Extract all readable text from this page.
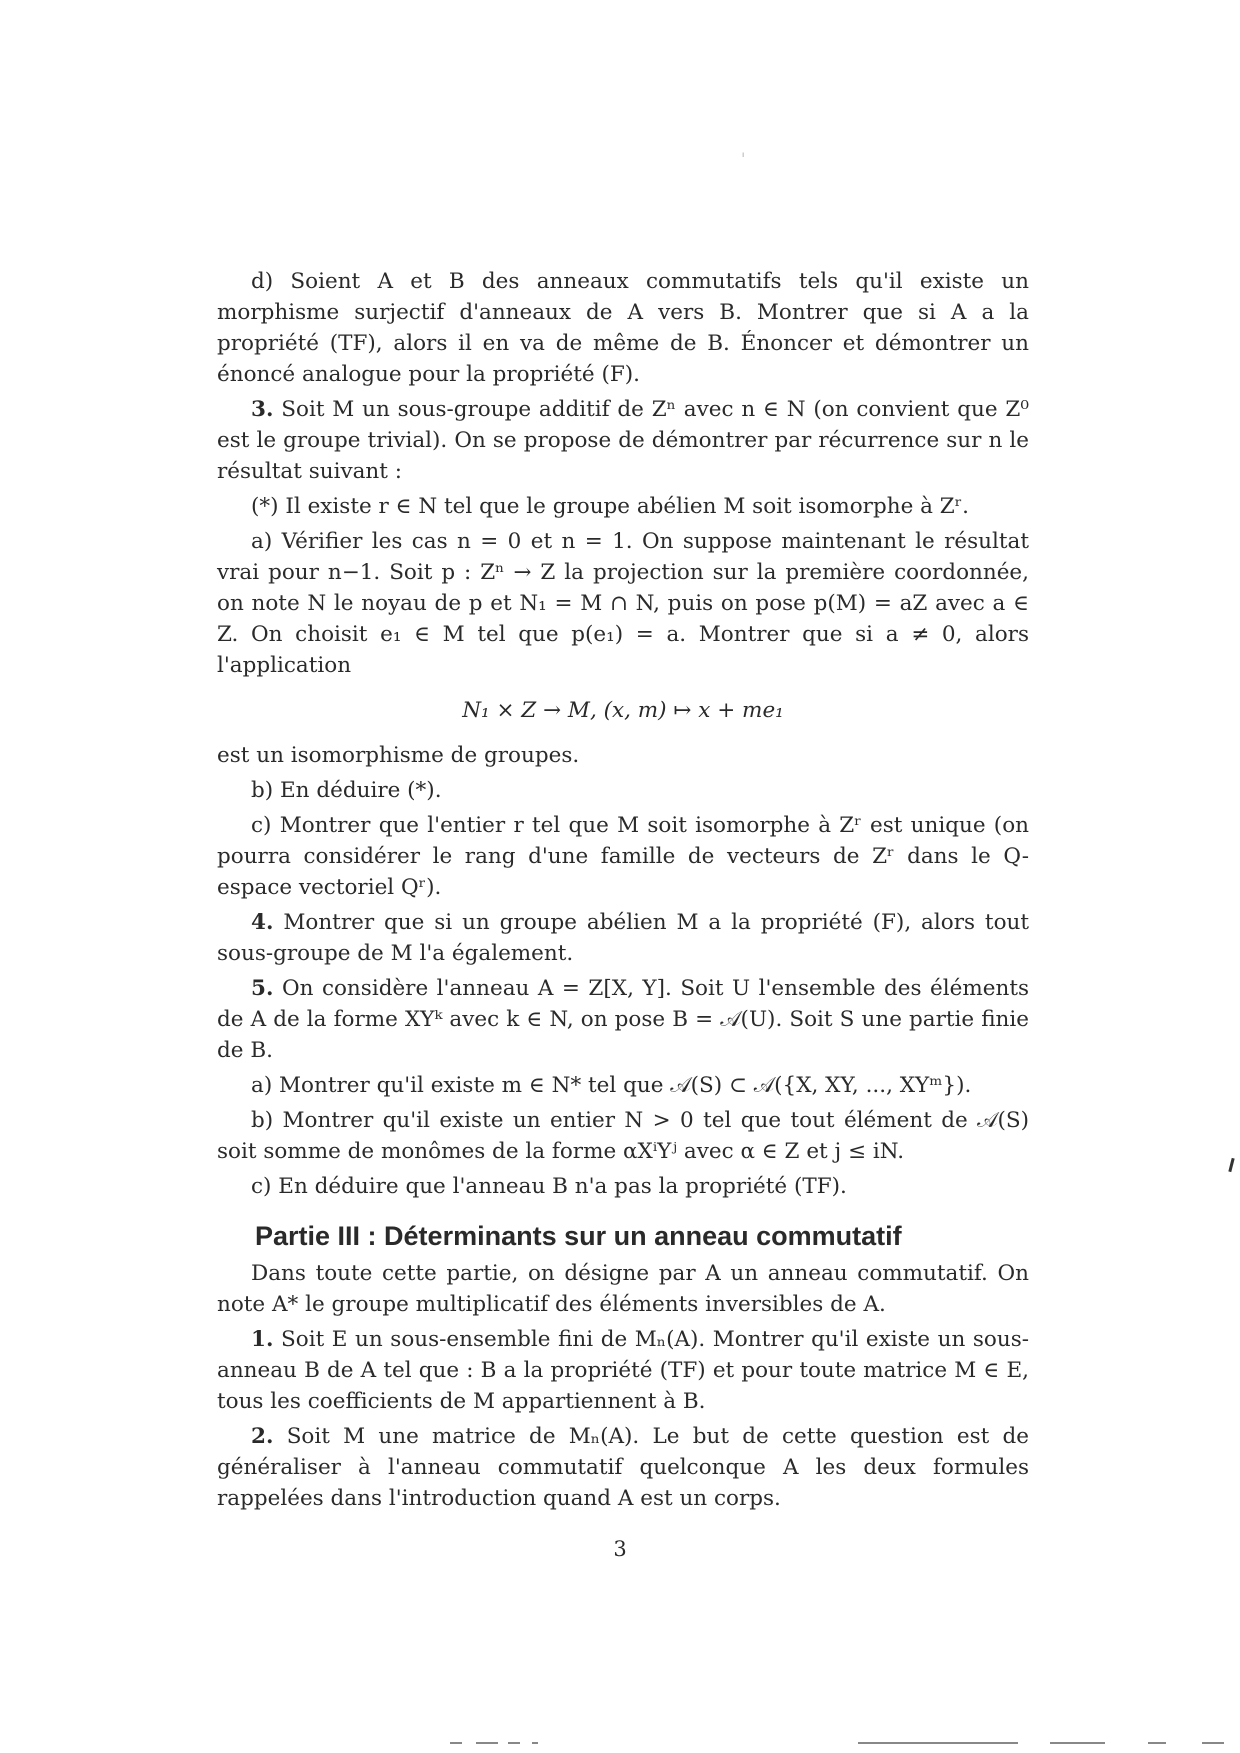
ı

d) Soient A et B des anneaux commutatifs tels qu'il existe un morphisme surjectif d'anneaux de A vers B. Montrer que si A a la propriété (TF), alors il en va de même de B. Énoncer et démontrer un énoncé analogue pour la propriété (F).

3. Soit M un sous-groupe additif de Zⁿ avec n ∈ N (on convient que Z⁰ est le groupe trivial). On se propose de démontrer par récurrence sur n le résultat suivant :

(*) Il existe r ∈ N tel que le groupe abélien M soit isomorphe à Zʳ.

a) Vérifier les cas n = 0 et n = 1. On suppose maintenant le résultat vrai pour n−1. Soit p : Zⁿ → Z la projection sur la première coordonnée, on note N le noyau de p et N₁ = M ∩ N, puis on pose p(M) = aZ avec a ∈ Z. On choisit e₁ ∈ M tel que p(e₁) = a. Montrer que si a ≠ 0, alors l'application

N₁ × Z → M, (x, m) ↦ x + me₁

est un isomorphisme de groupes.

b) En déduire (*).

c) Montrer que l'entier r tel que M soit isomorphe à Zʳ est unique (on pourra considérer le rang d'une famille de vecteurs de Zʳ dans le Q-espace vectoriel Qʳ).

4. Montrer que si un groupe abélien M a la propriété (F), alors tout sous-groupe de M l'a également.

5. On considère l'anneau A = Z[X, Y]. Soit U l'ensemble des éléments de A de la forme XYᵏ avec k ∈ N, on pose B = 𝒜(U). Soit S une partie finie de B.

a) Montrer qu'il existe m ∈ N* tel que 𝒜(S) ⊂ 𝒜({X, XY, ..., XYᵐ}).

b) Montrer qu'il existe un entier N > 0 tel que tout élément de 𝒜(S) soit somme de monômes de la forme αXⁱYʲ avec α ∈ Z et j ≤ iN.

c) En déduire que l'anneau B n'a pas la propriété (TF).

Partie III : Déterminants sur un anneau commutatif

Dans toute cette partie, on désigne par A un anneau commutatif. On note A* le groupe multiplicatif des éléments inversibles de A.

1. Soit E un sous-ensemble fini de Mₙ(A). Montrer qu'il existe un sous-anneau B de A tel que : B a la propriété (TF) et pour toute matrice M ∈ E, tous les coefficients de M appartiennent à B.

2. Soit M une matrice de Mₙ(A). Le but de cette question est de généraliser à l'anneau commutatif quelconque A les deux formules rappelées dans l'introduction quand A est un corps.

3
